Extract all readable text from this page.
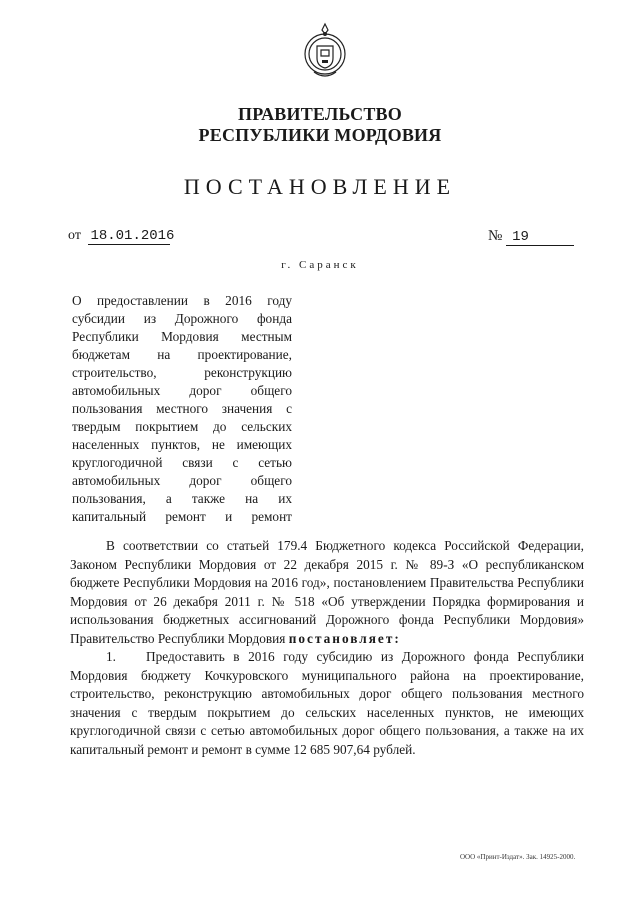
ПРАВИТЕЛЬСТВО
РЕСПУБЛИКИ МОРДОВИЯ
ПОСТАНОВЛЕНИЕ
от 18.01.2016	№ 19
г. Саранск
О предоставлении в 2016 году субсидии из Дорожного фонда Республики Мордовия местным бюджетам на проектирование, строительство, реконструкцию автомобильных дорог общего пользования местного значения с твердым покрытием до сельских населенных пунктов, не имеющих круглогодичной связи с сетью автомобильных дорог общего пользования, а также на их капитальный ремонт и ремонт

В соответствии со статьей 179.4 Бюджетного кодекса Российской Федерации, Законом Республики Мордовия от 22 декабря 2015 г. № 89-З «О республиканском бюджете Республики Мордовия на 2016 год», постановлением Правительства Республики Мордовия от 26 декабря 2011 г. № 518 «Об утверждении Порядка формирования и использования бюджетных ассигнований Дорожного фонда Республики Мордовия» Правительство Республики Мордовия постановляет:

1. Предоставить в 2016 году субсидию из Дорожного фонда Республики Мордовия бюджету Кочкуровского муниципального района на проектирование, строительство, реконструкцию автомобильных дорог общего пользования местного значения с твердым покрытием до сельских населенных пунктов, не имеющих круглогодичной связи с сетью автомобильных дорог общего пользования, а также на их капитальный ремонт и ремонт в сумме 12 685 907,64 рублей.

ООО «Принт-Издат». Зак. 14925-2000.
